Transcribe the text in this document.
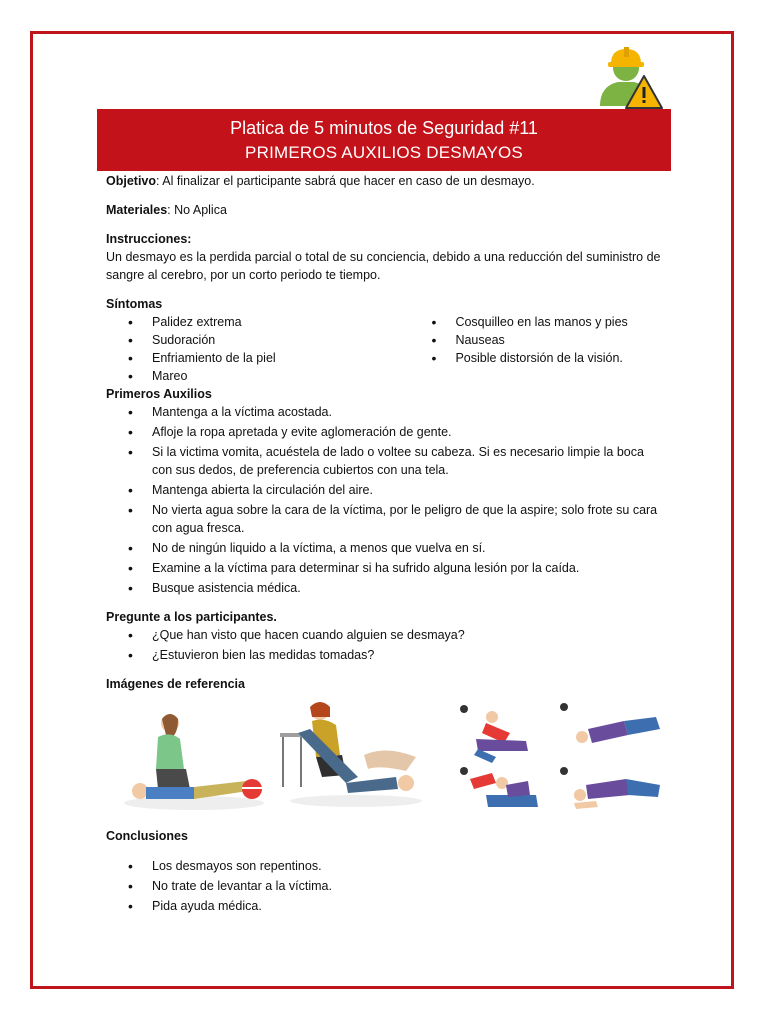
Platica de 5 minutos de Seguridad #11
PRIMEROS AUXILIOS DESMAYOS

Objetivo: Al finalizar el participante sabrá que hacer en caso de un desmayo.

Materiales: No Aplica

Instrucciones:

Un desmayo es la perdida parcial o total de su conciencia, debido a una reducción del suministro de sangre al cerebro, por un corto periodo te tiempo.

Síntomas

• Palidez extrema
• Sudoración
• Enfriamiento de la piel
• Mareo
• Cosquilleo en las manos y pies
• Nauseas
• Posible distorsión de la visión.

Primeros Auxilios

• Mantenga a la víctima acostada.
• Afloje la ropa apretada y evite aglomeración de gente.
• Si la victima vomita, acuéstela de lado o voltee su cabeza. Si es necesario limpie la boca con sus dedos, de preferencia cubiertos con una tela.
• Mantenga abierta la circulación del aire.
• No vierta agua sobre la cara de la víctima, por le peligro de que la aspire; solo frote su cara con agua fresca.
• No de ningún liquido a la víctima, a menos que vuelva en sí.
• Examine a la víctima para determinar si ha sufrido alguna lesión por la caída.
• Busque asistencia médica.

Pregunte a los participantes.

• ¿Que han visto que hacen cuando alguien se desmaya?
• ¿Estuvieron bien las medidas tomadas?

Imágenes de referencia

Conclusiones

• Los desmayos son repentinos.
• No trate de levantar a la víctima.
• Pida ayuda médica.
